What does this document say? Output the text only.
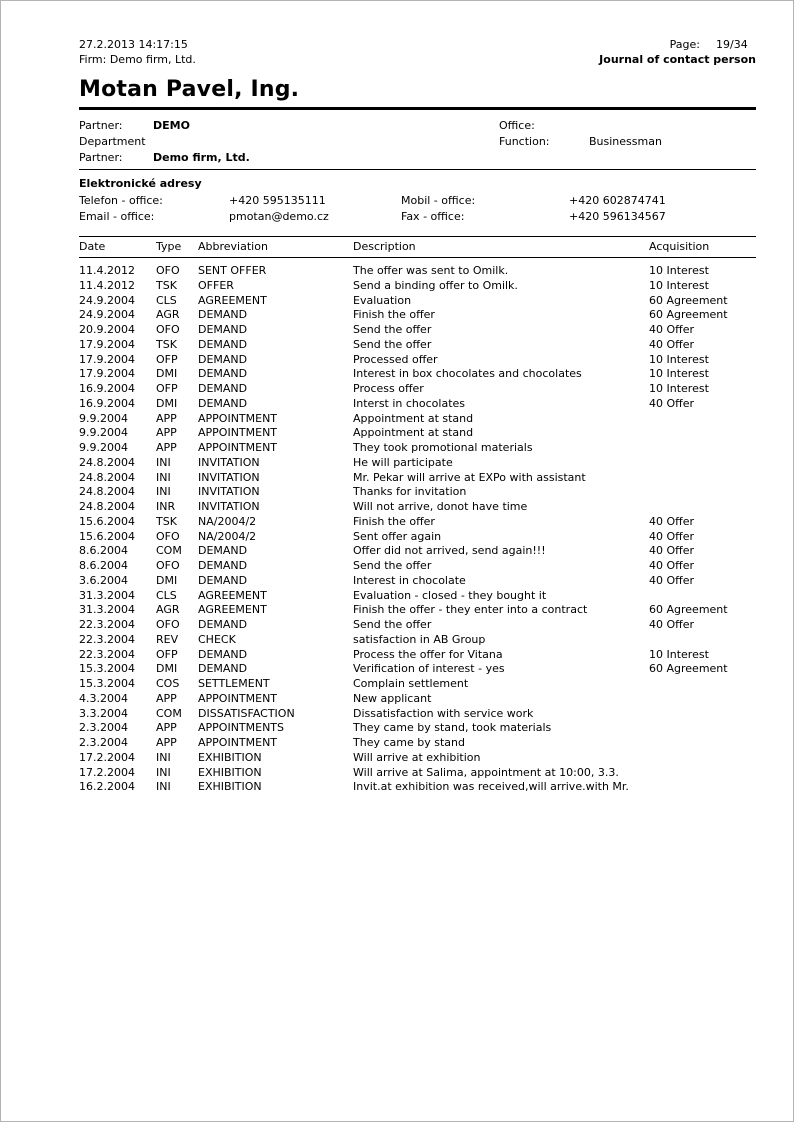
27.2.2013 14:17:15	Page: 19/34
Firm: Demo firm, Ltd.	Journal of contact person
Motan Pavel, Ing.
Partner:	DEMO	Office:
Department	Function:	Businessman
Partner:	Demo firm, Ltd.
Elektronické adresy
Telefon - office:	+420 595135111	Mobil - office:	+420 602874741
Email - office:	pmotan@demo.cz	Fax - office:	+420 596134567
Date	Type	Abbreviation	Description	Acquisition
11.4.2012	OFO	SENT OFFER	The offer was sent to Omilk.	10 Interest
11.4.2012	TSK	OFFER	Send a binding offer to Omilk.	10 Interest
24.9.2004	CLS	AGREEMENT	Evaluation	60 Agreement
24.9.2004	AGR	DEMAND	Finish the offer	60 Agreement
20.9.2004	OFO	DEMAND	Send the offer	40 Offer
17.9.2004	TSK	DEMAND	Send the offer	40 Offer
17.9.2004	OFP	DEMAND	Processed offer	10 Interest
17.9.2004	DMI	DEMAND	Interest in box chocolates and chocolates	10 Interest
16.9.2004	OFP	DEMAND	Process offer	10 Interest
16.9.2004	DMI	DEMAND	Interst in chocolates	40 Offer
9.9.2004	APP	APPOINTMENT	Appointment at stand	
9.9.2004	APP	APPOINTMENT	Appointment at stand	
9.9.2004	APP	APPOINTMENT	They took promotional materials	
24.8.2004	INI	INVITATION	He will participate	
24.8.2004	INI	INVITATION	Mr. Pekar will arrive at EXPo with assistant	
24.8.2004	INI	INVITATION	Thanks for invitation	
24.8.2004	INR	INVITATION	Will not arrive, donot have time	
15.6.2004	TSK	NA/2004/2	Finish the offer	40 Offer
15.6.2004	OFO	NA/2004/2	Sent offer again	40 Offer
8.6.2004	COM	DEMAND	Offer did not arrived, send again!!!	40 Offer
8.6.2004	OFO	DEMAND	Send the offer	40 Offer
3.6.2004	DMI	DEMAND	Interest in chocolate	40 Offer
31.3.2004	CLS	AGREEMENT	Evaluation - closed - they bought it	
31.3.2004	AGR	AGREEMENT	Finish the offer - they enter into a contract	60 Agreement
22.3.2004	OFO	DEMAND	Send the offer	40 Offer
22.3.2004	REV	CHECK	satisfaction in AB Group	
22.3.2004	OFP	DEMAND	Process the offer for Vitana	10 Interest
15.3.2004	DMI	DEMAND	Verification of interest - yes	60 Agreement
15.3.2004	COS	SETTLEMENT	Complain settlement	
4.3.2004	APP	APPOINTMENT	New applicant	
3.3.2004	COM	DISSATISFACTION	Dissatisfaction with service work	
2.3.2004	APP	APPOINTMENTS	They came by stand, took materials	
2.3.2004	APP	APPOINTMENT	They came by stand	
17.2.2004	INI	EXHIBITION	Will arrive at exhibition	
17.2.2004	INI	EXHIBITION	Will arrive at Salima, appointment at 10:00, 3.3.	
16.2.2004	INI	EXHIBITION	Invit.at exhibition was received,will arrive.with Mr.	
